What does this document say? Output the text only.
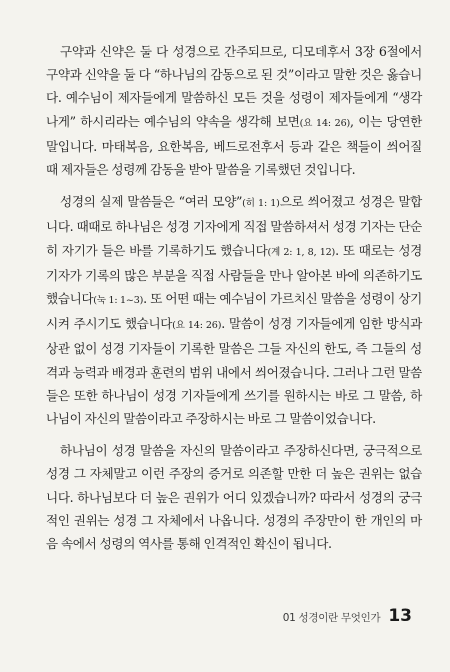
구약과 신약은 둘 다 성경으로 간주되므로, 디모데후서 3장 6절에서 구약과 신약을 둘 다 “하나님의 감동으로 된 것”이라고 말한 것은 옳습니다. 예수님이 제자들에게 말씀하신 모든 것을 성령이 제자들에게 “생각나게” 하시리라는 예수님의 약속을 생각해 보면(요 14: 26), 이는 당연한 말입니다. 마태복음, 요한복음, 베드로전후서 등과 같은 책들이 씌어질 때 제자들은 성령께 감동을 받아 말씀을 기록했던 것입니다.

성경의 실제 말씀들은 “여러 모양”(히 1: 1)으로 씌어졌고 성경은 말합니다. 때때로 하나님은 성경 기자에게 직접 말씀하셔서 성경 기자는 단순히 자기가 들은 바를 기록하기도 했습니다(계 2: 1, 8, 12). 또 때로는 성경 기자가 기록의 많은 부분을 직접 사람들을 만나 알아본 바에 의존하기도 했습니다(눅 1: 1~3). 또 어떤 때는 예수님이 가르치신 말씀을 성령이 상기시켜 주시기도 했습니다(요 14: 26). 말씀이 성경 기자들에게 임한 방식과 상관 없이 성경 기자들이 기록한 말씀은 그들 자신의 한도, 즉 그들의 성격과 능력과 배경과 훈련의 범위 내에서 씌어졌습니다. 그러나 그런 말씀들은 또한 하나님이 성경 기자들에게 쓰기를 원하시는 바로 그 말씀, 하나님이 자신의 말씀이라고 주장하시는 바로 그 말씀이었습니다.

하나님이 성경 말씀을 자신의 말씀이라고 주장하신다면, 궁극적으로 성경 그 자체말고 이런 주장의 증거로 의존할 만한 더 높은 권위는 없습니다. 하나님보다 더 높은 권위가 어디 있겠습니까? 따라서 성경의 궁극적인 권위는 성경 그 자체에서 나옵니다. 성경의 주장만이 한 개인의 마음 속에서 성령의 역사를 통해 인격적인 확신이 됩니다.

01 성경이란 무엇인가 13
